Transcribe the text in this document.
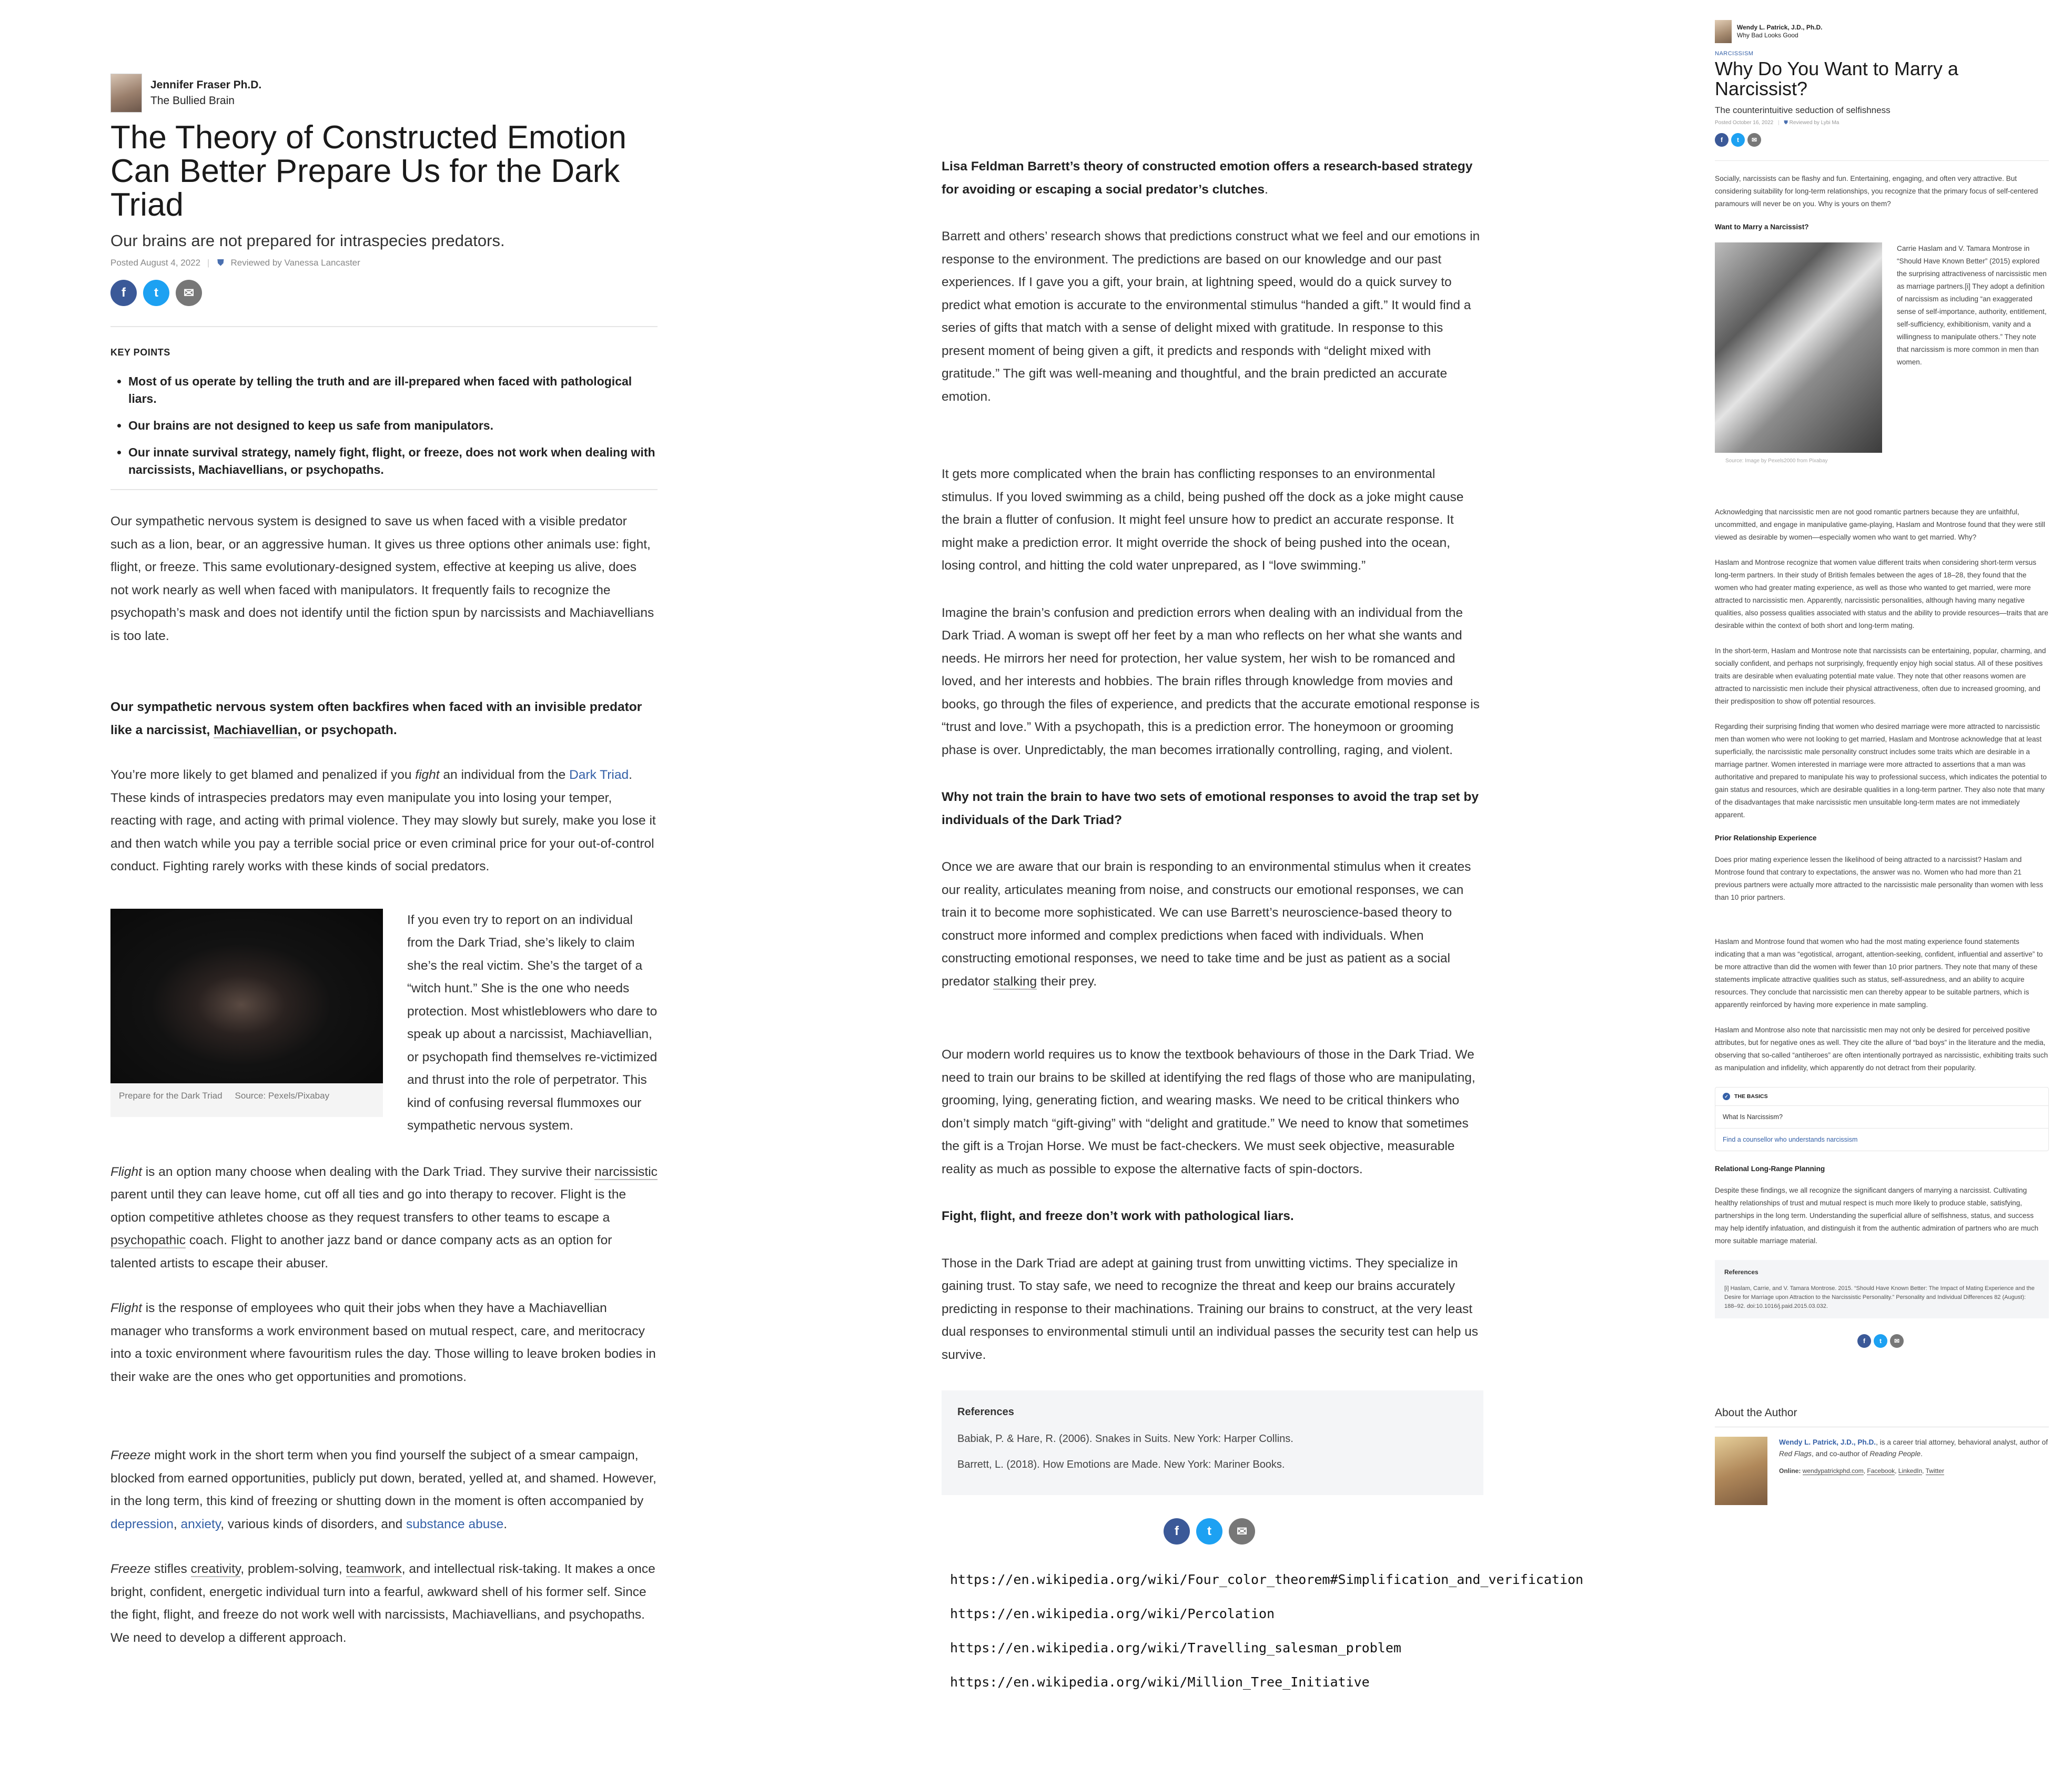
Jennifer Fraser Ph.D.
The Bullied Brain
The Theory of Constructed Emotion Can Better Prepare Us for the Dark Triad
Our brains are not prepared for intraspecies predators.
Posted August 4, 2022 | ⛊ Reviewed by Vanessa Lancaster
f	t	✉
KEY POINTS
• Most of us operate by telling the truth and are ill-prepared when faced with pathological liars.
• Our brains are not designed to keep us safe from manipulators.
• Our innate survival strategy, namely fight, flight, or freeze, does not work when dealing with narcissists, Machiavellians, or psychopaths.

Our sympathetic nervous system is designed to save us when faced with a visible predator such as a lion, bear, or an aggressive human. It gives us three options other animals use: fight, flight, or freeze. This same evolutionary-designed system, effective at keeping us alive, does not work nearly as well when faced with manipulators. It frequently fails to recognize the psychopath’s mask and does not identify until the fiction spun by narcissists and Machiavellians is too late.

Our sympathetic nervous system often backfires when faced with an invisible predator like a narcissist, Machiavellian, or psychopath.

You’re more likely to get blamed and penalized if you fight an individual from the Dark Triad. These kinds of intraspecies predators may even manipulate you into losing your temper, reacting with rage, and acting with primal violence. They may slowly but surely, make you lose it and then watch while you pay a terrible social price or even criminal price for your out-of-control conduct. Fighting rarely works with these kinds of social predators.

Prepare for the Dark Triad Source: Pexels/Pixabay
If you even try to report on an individual from the Dark Triad, she’s likely to claim she’s the real victim. She’s the target of a “witch hunt.” She is the one who needs protection. Most whistleblowers who dare to speak up about a narcissist, Machiavellian, or psychopath find themselves re-victimized and thrust into the role of perpetrator. This kind of confusing reversal flummoxes our sympathetic nervous system.

Flight is an option many choose when dealing with the Dark Triad. They survive their narcissistic parent until they can leave home, cut off all ties and go into therapy to recover. Flight is the option competitive athletes choose as they request transfers to other teams to escape a psychopathic coach. Flight to another jazz band or dance company acts as an option for talented artists to escape their abuser.

Flight is the response of employees who quit their jobs when they have a Machiavellian manager who transforms a work environment based on mutual respect, care, and meritocracy into a toxic environment where favouritism rules the day. Those willing to leave broken bodies in their wake are the ones who get opportunities and promotions.

Freeze might work in the short term when you find yourself the subject of a smear campaign, blocked from earned opportunities, publicly put down, berated, yelled at, and shamed. However, in the long term, this kind of freezing or shutting down in the moment is often accompanied by depression, anxiety, various kinds of disorders, and substance abuse.

Freeze stifles creativity, problem-solving, teamwork, and intellectual risk-taking. It makes a once bright, confident, energetic individual turn into a fearful, awkward shell of his former self. Since the fight, flight, and freeze do not work well with narcissists, Machiavellians, and psychopaths. We need to develop a different approach.

Lisa Feldman Barrett’s theory of constructed emotion offers a research-based strategy for avoiding or escaping a social predator’s clutches.

Barrett and others’ research shows that predictions construct what we feel and our emotions in response to the environment. The predictions are based on our knowledge and our past experiences. If I gave you a gift, your brain, at lightning speed, would do a quick survey to predict what emotion is accurate to the environmental stimulus “handed a gift.” It would find a series of gifts that match with a sense of delight mixed with gratitude. In response to this present moment of being given a gift, it predicts and responds with “delight mixed with gratitude.” The gift was well-meaning and thoughtful, and the brain predicted an accurate emotion.

It gets more complicated when the brain has conflicting responses to an environmental stimulus. If you loved swimming as a child, being pushed off the dock as a joke might cause the brain a flutter of confusion. It might feel unsure how to predict an accurate response. It might make a prediction error. It might override the shock of being pushed into the ocean, losing control, and hitting the cold water unprepared, as I “love swimming.”

Imagine the brain’s confusion and prediction errors when dealing with an individual from the Dark Triad. A woman is swept off her feet by a man who reflects on her what she wants and needs. He mirrors her need for protection, her value system, her wish to be romanced and loved, and her interests and hobbies. The brain rifles through knowledge from movies and books, go through the files of experience, and predicts that the accurate emotional response is “trust and love.” With a psychopath, this is a prediction error. The honeymoon or grooming phase is over. Unpredictably, the man becomes irrationally controlling, raging, and violent.

Why not train the brain to have two sets of emotional responses to avoid the trap set by individuals of the Dark Triad?

Once we are aware that our brain is responding to an environmental stimulus when it creates our reality, articulates meaning from noise, and constructs our emotional responses, we can train it to become more sophisticated. We can use Barrett’s neuroscience-based theory to construct more informed and complex predictions when faced with individuals. When constructing emotional responses, we need to take time and be just as patient as a social predator stalking their prey.

Our modern world requires us to know the textbook behaviours of those in the Dark Triad. We need to train our brains to be skilled at identifying the red flags of those who are manipulating, grooming, lying, generating fiction, and wearing masks. We need to be critical thinkers who don’t simply match “gift-giving” with “delight and gratitude.” We need to know that sometimes the gift is a Trojan Horse. We must be fact-checkers. We must seek objective, measurable reality as much as possible to expose the alternative facts of spin-doctors.

Fight, flight, and freeze don’t work with pathological liars.

Those in the Dark Triad are adept at gaining trust from unwitting victims. They specialize in gaining trust. To stay safe, we need to recognize the threat and keep our brains accurately predicting in response to their machinations. Training our brains to construct, at the very least dual responses to environmental stimuli until an individual passes the security test can help us survive.

References
Babiak, P. & Hare, R. (2006). Snakes in Suits. New York: Harper Collins.
Barrett, L. (2018). How Emotions are Made. New York: Mariner Books.
f	t	✉
https://en.wikipedia.org/wiki/Four_color_theorem#Simplification_and_verification
https://en.wikipedia.org/wiki/Percolation
https://en.wikipedia.org/wiki/Travelling_salesman_problem
https://en.wikipedia.org/wiki/Million_Tree_Initiative
Wendy L. Patrick, J.D., Ph.D.
Why Bad Looks Good
NARCISSISM
Why Do You Want to Marry a Narcissist?
The counterintuitive seduction of selfishness
Posted October 16, 2022 | ⛊ Reviewed by Lybi Ma
f	t	✉

Socially, narcissists can be flashy and fun. Entertaining, engaging, and often very attractive. But considering suitability for long-term relationships, you recognize that the primary focus of self-centered paramours will never be on you. Why is yours on them?

Want to Marry a Narcissist?
Source: Image by Pexels2000 from Pixabay
Carrie Haslam and V. Tamara Montrose in “Should Have Known Better” (2015) explored the surprising attractiveness of narcissistic men as marriage partners.[i] They adopt a definition of narcissism as including “an exaggerated sense of self-importance, authority, entitlement, self-sufficiency, exhibitionism, vanity and a willingness to manipulate others.” They note that narcissism is more common in men than women.

Acknowledging that narcissistic men are not good romantic partners because they are unfaithful, uncommitted, and engage in manipulative game-playing, Haslam and Montrose found that they were still viewed as desirable by women—especially women who want to get married. Why?

Haslam and Montrose recognize that women value different traits when considering short-term versus long-term partners. In their study of British females between the ages of 18–28, they found that the women who had greater mating experience, as well as those who wanted to get married, were more attracted to narcissistic men. Apparently, narcissistic personalities, although having many negative qualities, also possess qualities associated with status and the ability to provide resources—traits that are desirable within the context of both short and long-term mating.

In the short-term, Haslam and Montrose note that narcissists can be entertaining, popular, charming, and socially confident, and perhaps not surprisingly, frequently enjoy high social status. All of these positives traits are desirable when evaluating potential mate value. They note that other reasons women are attracted to narcissistic men include their physical attractiveness, often due to increased grooming, and their predisposition to show off potential resources.

Regarding their surprising finding that women who desired marriage were more attracted to narcissistic men than women who were not looking to get married, Haslam and Montrose acknowledge that at least superficially, the narcissistic male personality construct includes some traits which are desirable in a marriage partner. Women interested in marriage were more attracted to assertions that a man was authoritative and prepared to manipulate his way to professional success, which indicates the potential to gain status and resources, which are desirable qualities in a long-term partner. They also note that many of the disadvantages that make narcissistic men unsuitable long-term mates are not immediately apparent.

Prior Relationship Experience

Does prior mating experience lessen the likelihood of being attracted to a narcissist? Haslam and Montrose found that contrary to expectations, the answer was no. Women who had more than 21 previous partners were actually more attracted to the narcissistic male personality than women with less than 10 prior partners.

Haslam and Montrose found that women who had the most mating experience found statements indicating that a man was “egotistical, arrogant, attention-seeking, confident, influential and assertive” to be more attractive than did the women with fewer than 10 prior partners. They note that many of these statements implicate attractive qualities such as status, self-assuredness, and an ability to acquire resources. They conclude that narcissistic men can thereby appear to be suitable partners, which is apparently reinforced by having more experience in mate sampling.

Haslam and Montrose also note that narcissistic men may not only be desired for perceived positive attributes, but for negative ones as well. They cite the allure of “bad boys” in the literature and the media, observing that so-called “antiheroes” are often intentionally portrayed as narcissistic, exhibiting traits such as manipulation and infidelity, which apparently do not detract from their popularity.

✓ THE BASICS
What Is Narcissism?
Find a counsellor who understands narcissism
Relational Long-Range Planning

Despite these findings, we all recognize the significant dangers of marrying a narcissist. Cultivating healthy relationships of trust and mutual respect is much more likely to produce stable, satisfying, partnerships in the long term. Understanding the superficial allure of selfishness, status, and success may help identify infatuation, and distinguish it from the authentic admiration of partners who are much more suitable marriage material.

References
[i] Haslam, Carrie, and V. Tamara Montrose. 2015. “Should Have Known Better: The Impact of Mating Experience and the Desire for Marriage upon Attraction to the Narcissistic Personality.” Personality and Individual Differences 82 (August): 188–92. doi:10.1016/j.paid.2015.03.032.
f	t	✉
About the Author
Wendy L. Patrick, J.D., Ph.D., is a career trial attorney, behavioral analyst, author of Red Flags, and co-author of Reading People.
Online: wendypatrickphd.com, Facebook, LinkedIn, Twitter
